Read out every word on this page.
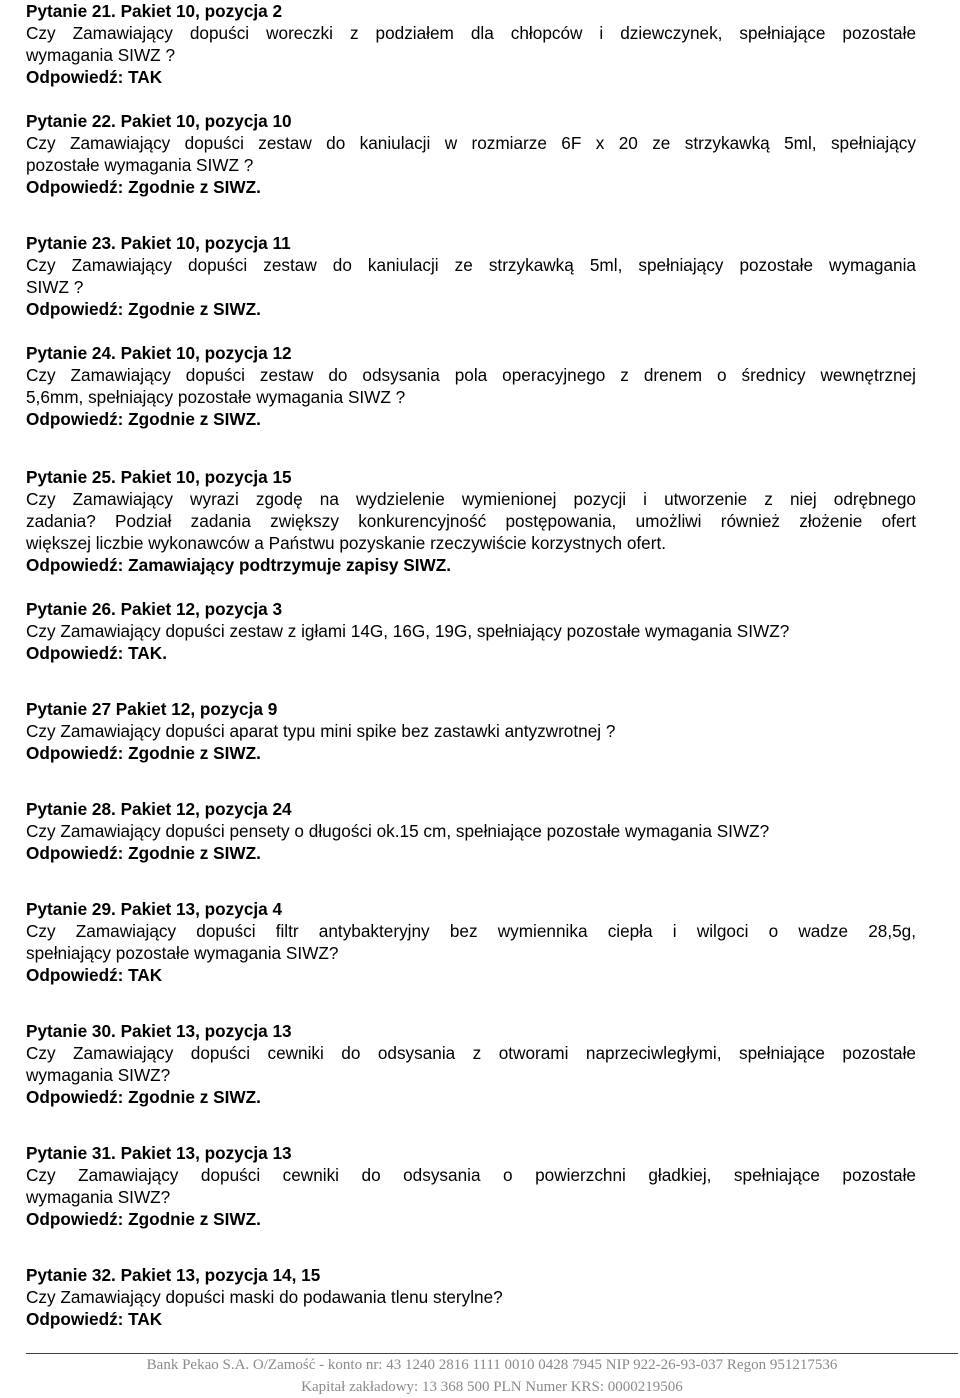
Pytanie 21. Pakiet 10, pozycja 2
Czy Zamawiający dopuści woreczki z podziałem dla chłopców i dziewczynek, spełniające pozostałe
wymagania SIWZ ?
Odpowiedź: TAK
Pytanie 22. Pakiet 10, pozycja 10
Czy Zamawiający dopuści zestaw do kaniulacji w rozmiarze 6F x 20 ze strzykawką 5ml, spełniający
pozostałe wymagania SIWZ ?
Odpowiedź: Zgodnie z SIWZ.
Pytanie 23. Pakiet 10, pozycja 11
Czy Zamawiający dopuści zestaw do kaniulacji ze strzykawką 5ml, spełniający pozostałe wymagania
SIWZ ?
Odpowiedź: Zgodnie z SIWZ.
Pytanie 24. Pakiet 10, pozycja 12
Czy Zamawiający dopuści zestaw do odsysania pola operacyjnego z drenem o średnicy wewnętrznej
5,6mm, spełniający pozostałe wymagania SIWZ ?
Odpowiedź: Zgodnie z SIWZ.
Pytanie 25. Pakiet 10, pozycja 15
Czy Zamawiający wyrazi zgodę na wydzielenie wymienionej pozycji i utworzenie z niej odrębnego
zadania? Podział zadania zwiększy konkurencyjność postępowania, umożliwi również złożenie ofert
większej liczbie wykonawców a Państwu pozyskanie rzeczywiście korzystnych ofert.
Odpowiedź: Zamawiający podtrzymuje zapisy SIWZ.
Pytanie 26. Pakiet 12, pozycja 3
Czy Zamawiający dopuści zestaw z igłami 14G, 16G, 19G, spełniający pozostałe wymagania SIWZ?
Odpowiedź: TAK.
Pytanie 27 Pakiet 12, pozycja 9
Czy Zamawiający dopuści aparat typu mini spike bez zastawki antyzwrotnej ?
Odpowiedź: Zgodnie z SIWZ.
Pytanie 28. Pakiet 12, pozycja 24
Czy Zamawiający dopuści pensety o długości ok.15 cm, spełniające pozostałe wymagania SIWZ?
Odpowiedź: Zgodnie z SIWZ.
Pytanie 29. Pakiet 13, pozycja 4
Czy Zamawiający dopuści filtr antybakteryjny bez wymiennika ciepła i wilgoci o wadze 28,5g,
spełniający pozostałe wymagania SIWZ?
Odpowiedź: TAK
Pytanie 30. Pakiet 13, pozycja 13
Czy Zamawiający dopuści cewniki do odsysania z otworami naprzeciwległymi, spełniające pozostałe
wymagania SIWZ?
Odpowiedź: Zgodnie z SIWZ.
Pytanie 31. Pakiet 13, pozycja 13
Czy Zamawiający dopuści cewniki do odsysania o powierzchni gładkiej, spełniające pozostałe
wymagania SIWZ?
Odpowiedź: Zgodnie z SIWZ.
Pytanie 32. Pakiet 13, pozycja 14, 15
Czy Zamawiający dopuści maski do podawania tlenu sterylne?
Odpowiedź: TAK
Bank Pekao S.A. O/Zamość - konto nr: 43 1240 2816 1111 0010 0428 7945 NIP 922-26-93-037 Regon 951217536
Kapitał zakładowy: 13 368 500 PLN Numer KRS: 0000219506
